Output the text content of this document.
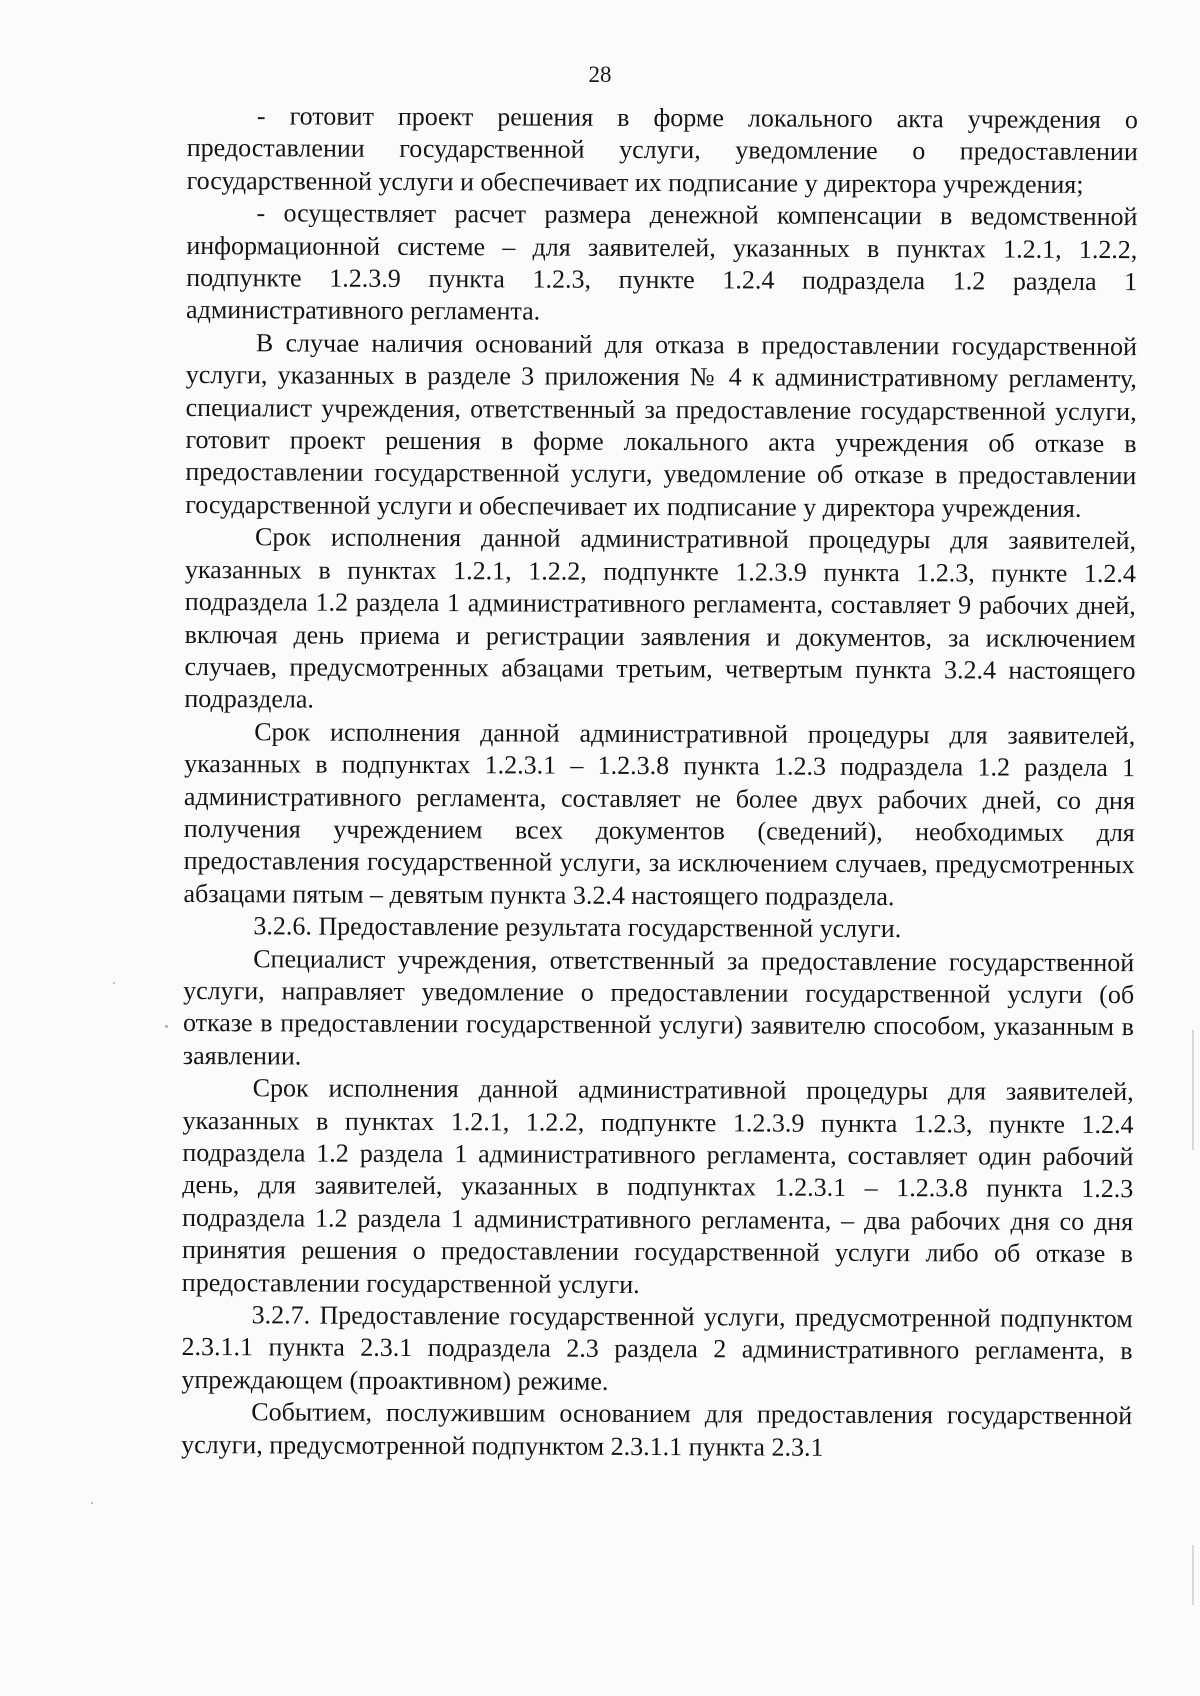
28

- готовит проект решения в форме локального акта учреждения о предоставлении государственной услуги, уведомление о предоставлении государственной услуги и обеспечивает их подписание у директора учреждения;

- осуществляет расчет размера денежной компенсации в ведомственной информационной системе – для заявителей, указанных в пунктах 1.2.1, 1.2.2, подпункте 1.2.3.9 пункта 1.2.3, пункте 1.2.4 подраздела 1.2 раздела 1 административного регламента.

В случае наличия оснований для отказа в предоставлении государственной услуги, указанных в разделе 3 приложения № 4 к административному регламенту, специалист учреждения, ответственный за предоставление государственной услуги, готовит проект решения в форме локального акта учреждения об отказе в предоставлении государственной услуги, уведомление об отказе в предоставлении государственной услуги и обеспечивает их подписание у директора учреждения.

Срок исполнения данной административной процедуры для заявителей, указанных в пунктах 1.2.1, 1.2.2, подпункте 1.2.3.9 пункта 1.2.3, пункте 1.2.4 подраздела 1.2 раздела 1 административного регламента, составляет 9 рабочих дней, включая день приема и регистрации заявления и документов, за исключением случаев, предусмотренных абзацами третьим, четвертым пункта 3.2.4 настоящего подраздела.

Срок исполнения данной административной процедуры для заявителей, указанных в подпунктах 1.2.3.1 – 1.2.3.8 пункта 1.2.3 подраздела 1.2 раздела 1 административного регламента, составляет не более двух рабочих дней, со дня получения учреждением всех документов (сведений), необходимых для предоставления государственной услуги, за исключением случаев, предусмотренных абзацами пятым – девятым пункта 3.2.4 настоящего подраздела.

3.2.6. Предоставление результата государственной услуги.

Специалист учреждения, ответственный за предоставление государственной услуги, направляет уведомление о предоставлении государственной услуги (об отказе в предоставлении государственной услуги) заявителю способом, указанным в заявлении.

Срок исполнения данной административной процедуры для заявителей, указанных в пунктах 1.2.1, 1.2.2, подпункте 1.2.3.9 пункта 1.2.3, пункте 1.2.4 подраздела 1.2 раздела 1 административного регламента, составляет один рабочий день, для заявителей, указанных в подпунктах 1.2.3.1 – 1.2.3.8 пункта 1.2.3 подраздела 1.2 раздела 1 административного регламента, – два рабочих дня со дня принятия решения о предоставлении государственной услуги либо об отказе в предоставлении государственной услуги.

3.2.7. Предоставление государственной услуги, предусмотренной подпунктом 2.3.1.1 пункта 2.3.1 подраздела 2.3 раздела 2 административного регламента, в упреждающем (проактивном) режиме.

Событием, послужившим основанием для предоставления государственной услуги, предусмотренной подпунктом 2.3.1.1 пункта 2.3.1
